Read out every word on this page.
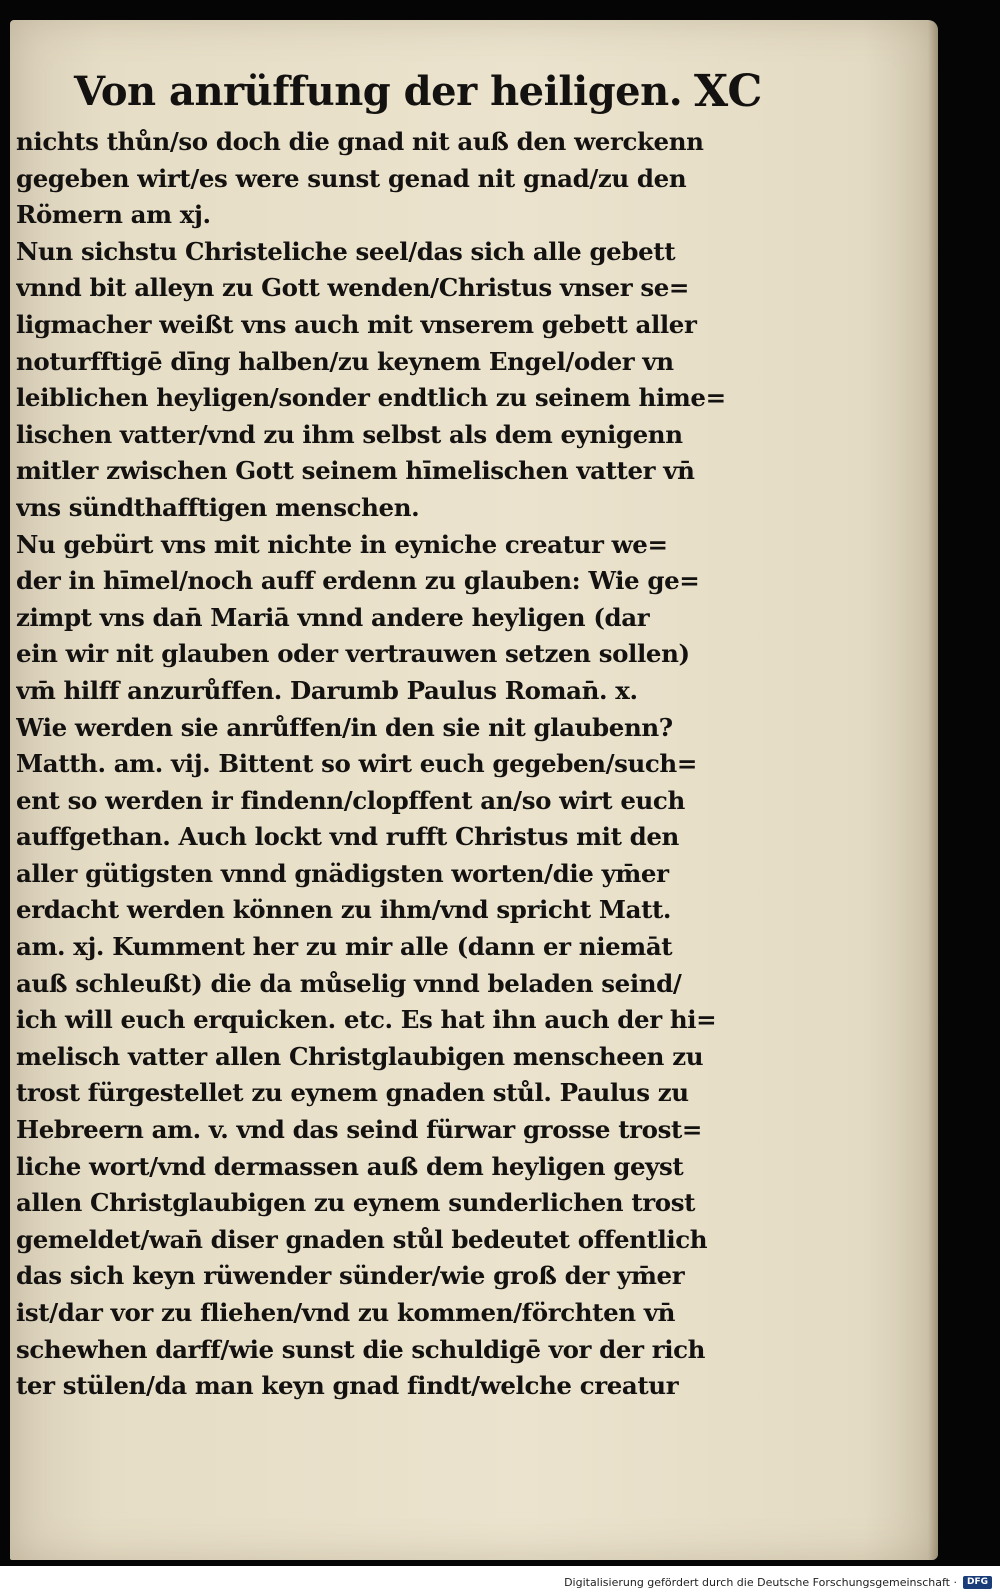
Von anrüffung der heiligen. XC
nichts thůn/so doch die gnad nit auß den werckenn
gegeben wirt/es were sunst genad nit gnad/zu den
Römern am xj.
Nun sichstu Christeliche seel/das sich alle gebett
vnnd bit alleyn zu Gott wenden/Christus vnser se=
ligmacher weißt vns auch mit vnserem gebett aller
noturfftigē dīng halben/zu keynem Engel/oder vn
leiblichen heyligen/sonder endtlich zu seinem hime=
lischen vatter/vnd zu ihm selbst als dem eynigenn
mitler zwischen Gott seinem hīmelischen vatter vn̄
vns sündthafftigen menschen.
Nu gebürt vns mit nichte in eyniche creatur we=
der in hīmel/noch auff erdenn zu glauben: Wie ge=
zimpt vns dan̄ Mariā vnnd andere heyligen (dar
ein wir nit glauben oder vertrauwen setzen sollen)
vm̄ hilff anzurůffen. Darumb Paulus Roman̄. x.
Wie werden sie anrůffen/in den sie nit glaubenn?
Matth. am. vij. Bittent so wirt euch gegeben/such=
ent so werden ir findenn/clopffent an/so wirt euch
auffgethan. Auch lockt vnd rufft Christus mit den
aller gütigsten vnnd gnädigsten worten/die ym̄er
erdacht werden können zu ihm/vnd spricht Matt.
am. xj. Kumment her zu mir alle (dann er niemāt
auß schleußt) die da můselig vnnd beladen seind/
ich will euch erquicken. etc. Es hat ihn auch der hi=
melisch vatter allen Christglaubigen menscheen zu
trost fürgestellet zu eynem gnaden stůl. Paulus zu
Hebreern am. v. vnd das seind fürwar grosse trost=
liche wort/vnd dermassen auß dem heyligen geyst
allen Christglaubigen zu eynem sunderlichen trost
gemeldet/wan̄ diser gnaden stůl bedeutet offentlich
das sich keyn rüwender sünder/wie groß der ym̄er
ist/dar vor zu fliehen/vnd zu kommen/förchten vn̄
schewhen darff/wie sunst die schuldigē vor der rich
ter stülen/da man keyn gnad findt/welche creatur
Digitalisierung gefördert durch die Deutsche Forschungsgemeinschaft ·	DFG
